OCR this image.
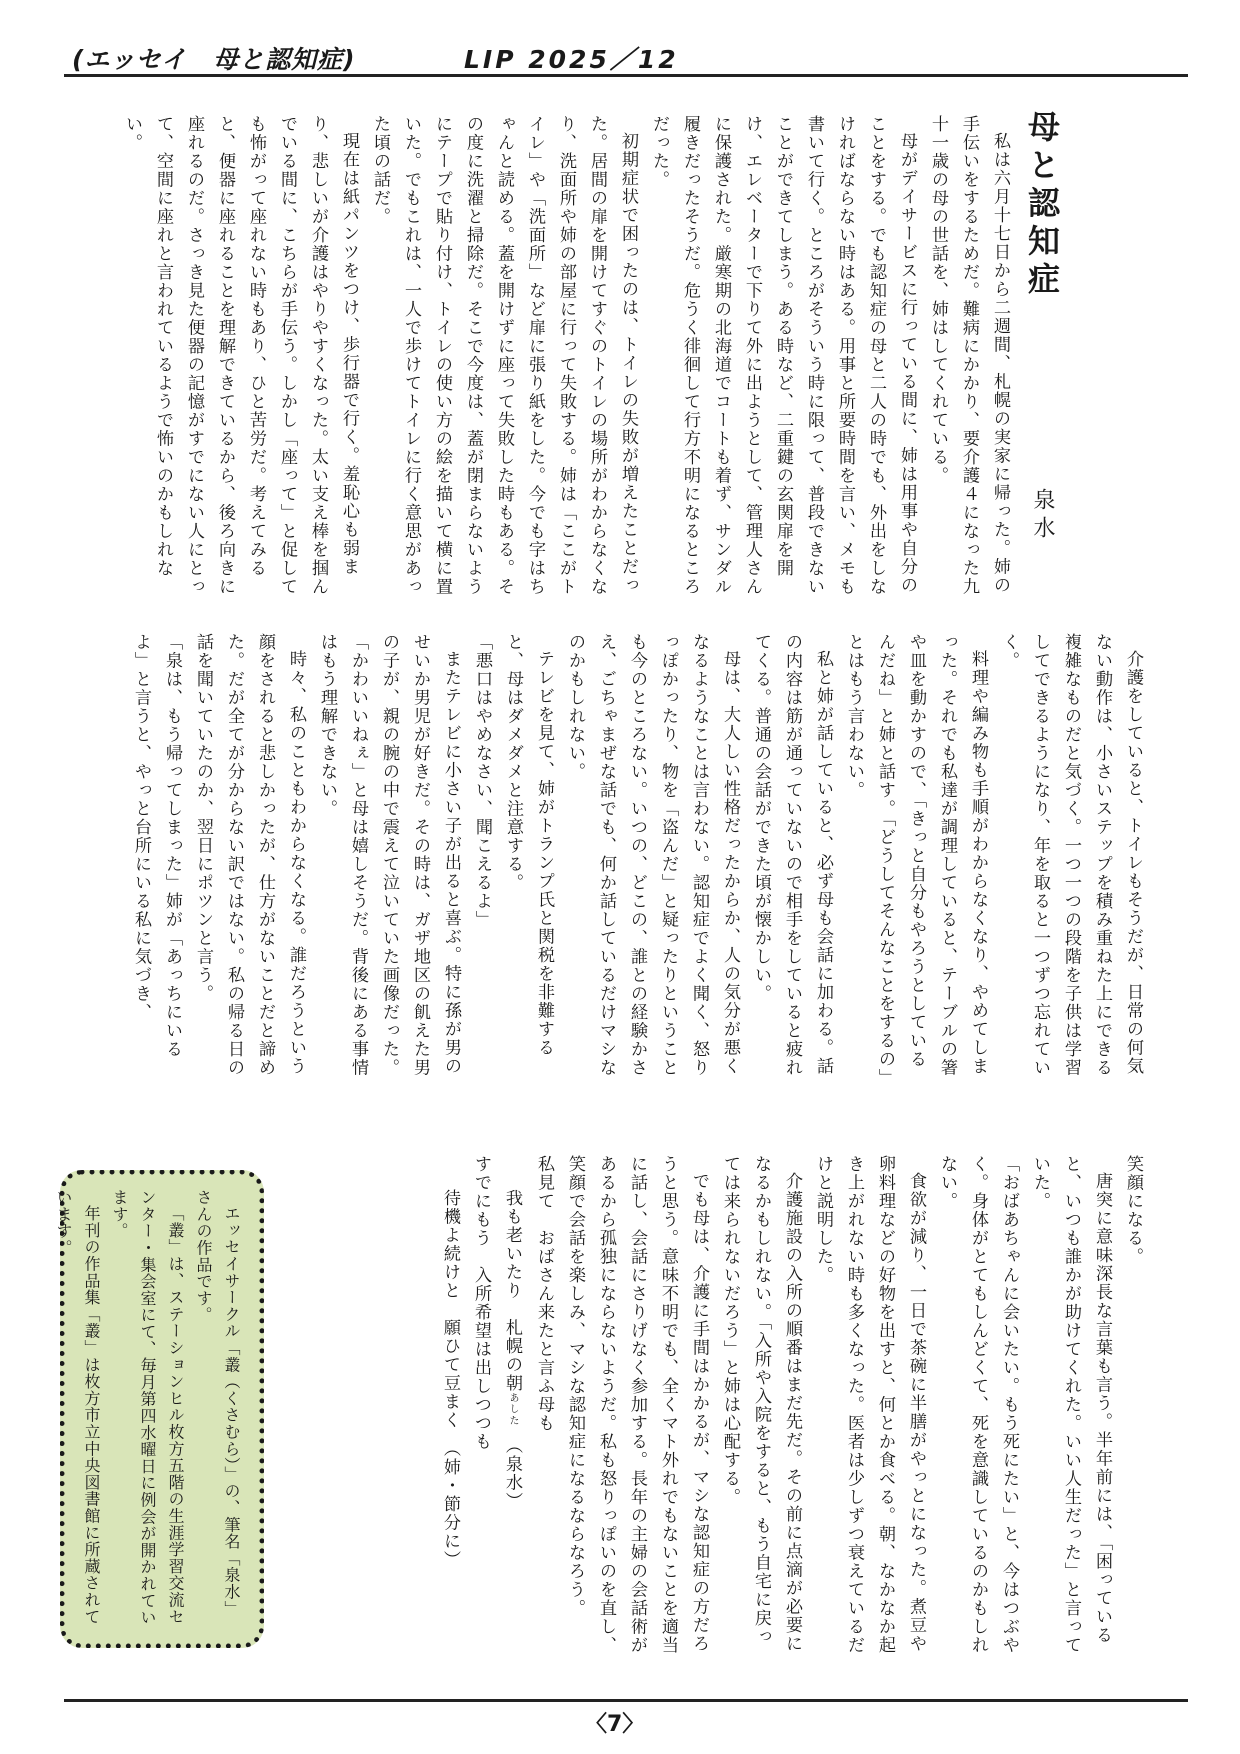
(エッセイ　母と認知症)	LIP 2025／12
母と認知症
泉水

私は六月十七日から二週間、札幌の実家に帰った。姉の手伝いをするためだ。難病にかかり、要介護４になった九十一歳の母の世話を、姉はしてくれている。

母がデイサービスに行っている間に、姉は用事や自分のことをする。でも認知症の母と二人の時でも、外出をしなければならない時はある。用事と所要時間を言い、メモも書いて行く。ところがそういう時に限って、普段できないことができてしまう。ある時など、二重鍵の玄関扉を開け、エレベーターで下りて外に出ようとして、管理人さんに保護された。厳寒期の北海道でコートも着ず、サンダル履きだったそうだ。危うく徘徊して行方不明になるところだった。

初期症状で困ったのは、トイレの失敗が増えたことだった。居間の扉を開けてすぐのトイレの場所がわからなくなり、洗面所や姉の部屋に行って失敗する。姉は「ここがトイレ」や「洗面所」など扉に張り紙をした。今でも字はちゃんと読める。蓋を開けずに座って失敗した時もある。その度に洗濯と掃除だ。そこで今度は、蓋が閉まらないようにテープで貼り付け、トイレの使い方の絵を描いて横に置いた。でもこれは、一人で歩けてトイレに行く意思があった頃の話だ。

現在は紙パンツをつけ、歩行器で行く。羞恥心も弱まり、悲しいが介護はやりやすくなった。太い支え棒を掴んでいる間に、こちらが手伝う。しかし「座って」と促しても怖がって座れない時もあり、ひと苦労だ。考えてみると、便器に座れることを理解できているから、後ろ向きに座れるのだ。さっき見た便器の記憶がすでにない人にとって、空間に座れと言われているようで怖いのかもしれない。

介護をしていると、トイレもそうだが、日常の何気ない動作は、小さいステップを積み重ねた上にできる複雑なものだと気づく。一つ一つの段階を子供は学習してできるようになり、年を取ると一つずつ忘れていく。

料理や編み物も手順がわからなくなり、やめてしまった。それでも私達が調理していると、テーブルの箸や皿を動かすので、「きっと自分もやろうとしているんだね」と姉と話す。「どうしてそんなことをするの」とはもう言わない。

私と姉が話していると、必ず母も会話に加わる。話の内容は筋が通っていないので相手をしていると疲れてくる。普通の会話ができた頃が懐かしい。

母は、大人しい性格だったからか、人の気分が悪くなるようなことは言わない。認知症でよく聞く、怒りっぽかったり、物を「盗んだ」と疑ったりということも今のところない。いつの、どこの、誰との経験かさえ、ごちゃまぜな話でも、何か話しているだけマシなのかもしれない。

テレビを見て、姉がトランプ氏と関税を非難すると、母はダメダメと注意する。

「悪口はやめなさい、聞こえるよ」

またテレビに小さい子が出ると喜ぶ。特に孫が男のせいか男児が好きだ。その時は、ガザ地区の飢えた男の子が、親の腕の中で震えて泣いていた画像だった。

「かわいいねぇ」と母は嬉しそうだ。背後にある事情はもう理解できない。

時々、私のこともわからなくなる。誰だろうという顔をされると悲しかったが、仕方がないことだと諦めた。だが全てが分からない訳ではない。私の帰る日の話を聞いていたのか、翌日にポツンと言う。

「泉は、もう帰ってしまった」姉が「あっちにいるよ」と言うと、やっと台所にいる私に気づき、

笑顔になる。

唐突に意味深長な言葉も言う。半年前には、「困っていると、いつも誰かが助けてくれた。いい人生だった」と言っていた。

「おばあちゃんに会いたい。もう死にたい」と、今はつぶやく。身体がとてもしんどくて、死を意識しているのかもしれない。

食欲が減り、一日で茶碗に半膳がやっとになった。煮豆や卵料理などの好物を出すと、何とか食べる。朝、なかなか起き上がれない時も多くなった。医者は少しずつ衰えているだけと説明した。

介護施設の入所の順番はまだ先だ。その前に点滴が必要になるかもしれない。「入所や入院をすると、もう自宅に戻っては来られないだろう」と姉は心配する。

でも母は、介護に手間はかかるが、マシな認知症の方だろうと思う。意味不明でも、全くマト外れでもないことを適当に話し、会話にさりげなく参加する。長年の主婦の会話術があるから孤独にならないようだ。私も怒りっぽいのを直し、笑顔で会話を楽しみ、マシな認知症になるならなろう。

私見て　おばさん来たと言ふ母も

我も老いたり　札幌の朝あした　（泉水）

すでにもう　入所希望は出しつつも

待機よ続けと　願ひて豆まく　（姉・節分に）

エッセイサークル「叢（くさむら）」の、筆名「泉水」さんの作品です。

「叢」は、ステーションヒル枚方五階の生涯学習交流センター・集会室にて、毎月第四水曜日に例会が開かれています。

年刊の作品集「叢」は枚方市立中央図書館に所蔵されています。

〈7〉
